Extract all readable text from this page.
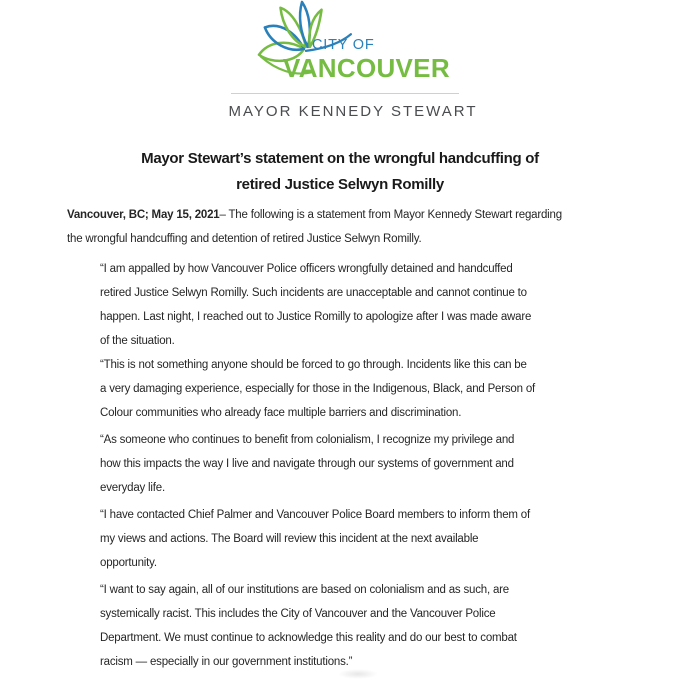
CITY OF
VANCOUVER
MAYOR KENNEDY STEWART
Mayor Stewart’s statement on the wrongful handcuffing of
retired Justice Selwyn Romilly
Vancouver, BC; May 15, 2021– The following is a statement from Mayor Kennedy Stewart regarding
the wrongful handcuffing and detention of retired Justice Selwyn Romilly.
“I am appalled by how Vancouver Police officers wrongfully detained and handcuffed
retired Justice Selwyn Romilly. Such incidents are unacceptable and cannot continue to
happen. Last night, I reached out to Justice Romilly to apologize after I was made aware
of the situation.
“This is not something anyone should be forced to go through. Incidents like this can be
a very damaging experience, especially for those in the Indigenous, Black, and Person of
Colour communities who already face multiple barriers and discrimination.
“As someone who continues to benefit from colonialism, I recognize my privilege and
how this impacts the way I live and navigate through our systems of government and
everyday life.
“I have contacted Chief Palmer and Vancouver Police Board members to inform them of
my views and actions. The Board will review this incident at the next available
opportunity.
“I want to say again, all of our institutions are based on colonialism and as such, are
systemically racist. This includes the City of Vancouver and the Vancouver Police
Department. We must continue to acknowledge this reality and do our best to combat
racism — especially in our government institutions.”
